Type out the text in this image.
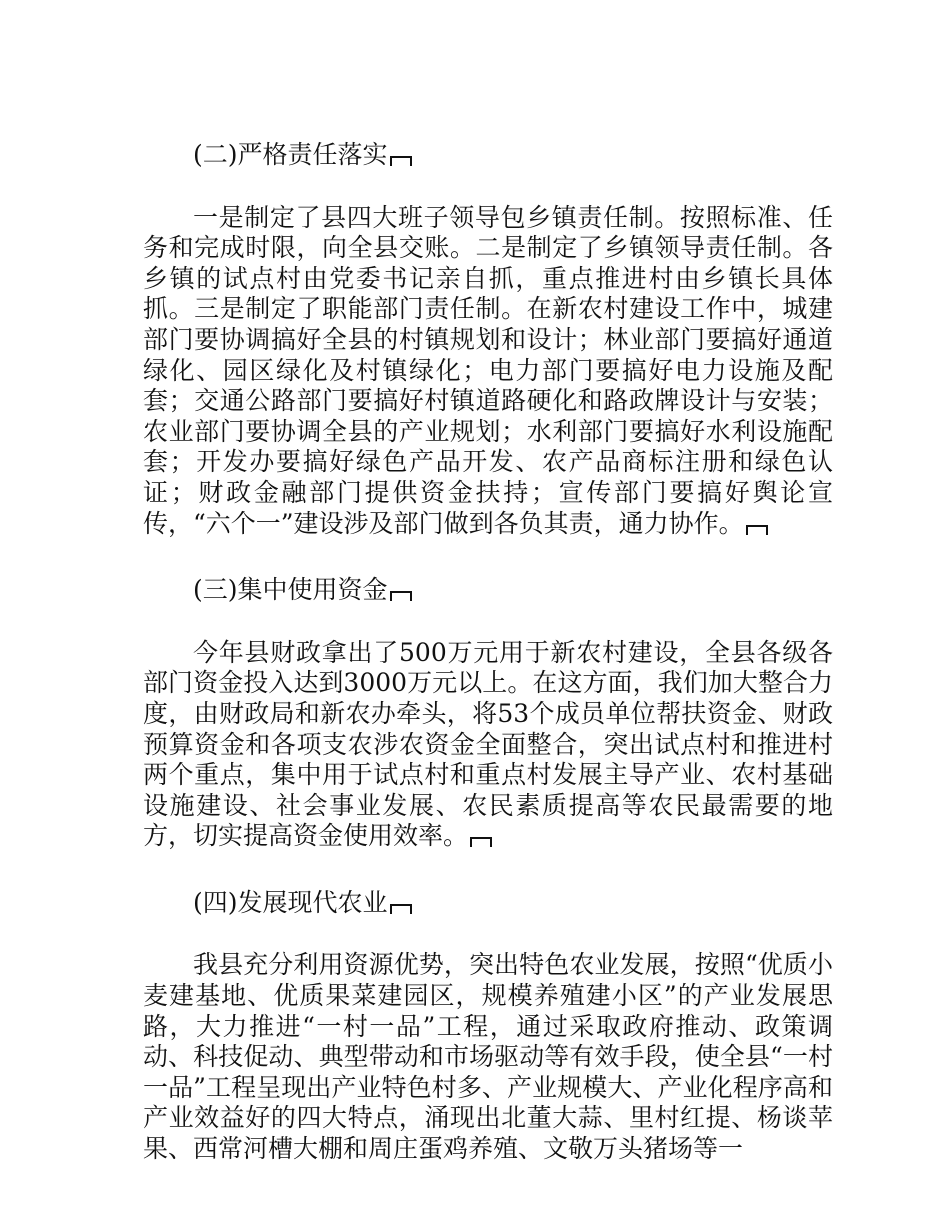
(二)严格责任落实

一是制定了县四大班子领导包乡镇责任制。按照标准、任务和完成时限，向全县交账。二是制定了乡镇领导责任制。各乡镇的试点村由党委书记亲自抓，重点推进村由乡镇长具体抓。三是制定了职能部门责任制。在新农村建设工作中，城建部门要协调搞好全县的村镇规划和设计；林业部门要搞好通道绿化、园区绿化及村镇绿化；电力部门要搞好电力设施及配套；交通公路部门要搞好村镇道路硬化和路政牌设计与安装；农业部门要协调全县的产业规划；水利部门要搞好水利设施配套；开发办要搞好绿色产品开发、农产品商标注册和绿色认证；财政金融部门提供资金扶持；宣传部门要搞好舆论宣传，“六个一”建设涉及部门做到各负其责，通力协作。

(三)集中使用资金

今年县财政拿出了500万元用于新农村建设，全县各级各部门资金投入达到3000万元以上。在这方面，我们加大整合力度，由财政局和新农办牵头，将53个成员单位帮扶资金、财政预算资金和各项支农涉农资金全面整合，突出试点村和推进村两个重点，集中用于试点村和重点村发展主导产业、农村基础设施建设、社会事业发展、农民素质提高等农民最需要的地方，切实提高资金使用效率。

(四)发展现代农业

我县充分利用资源优势，突出特色农业发展，按照“优质小麦建基地、优质果菜建园区，规模养殖建小区”的产业发展思路，大力推进“一村一品”工程，通过采取政府推动、政策调动、科技促动、典型带动和市场驱动等有效手段，使全县“一村一品”工程呈现出产业特色村多、产业规模大、产业化程序高和产业效益好的四大特点，涌现出北董大蒜、里村红提、杨谈苹果、西常河槽大棚和周庄蛋鸡养殖、文敬万头猪场等一
